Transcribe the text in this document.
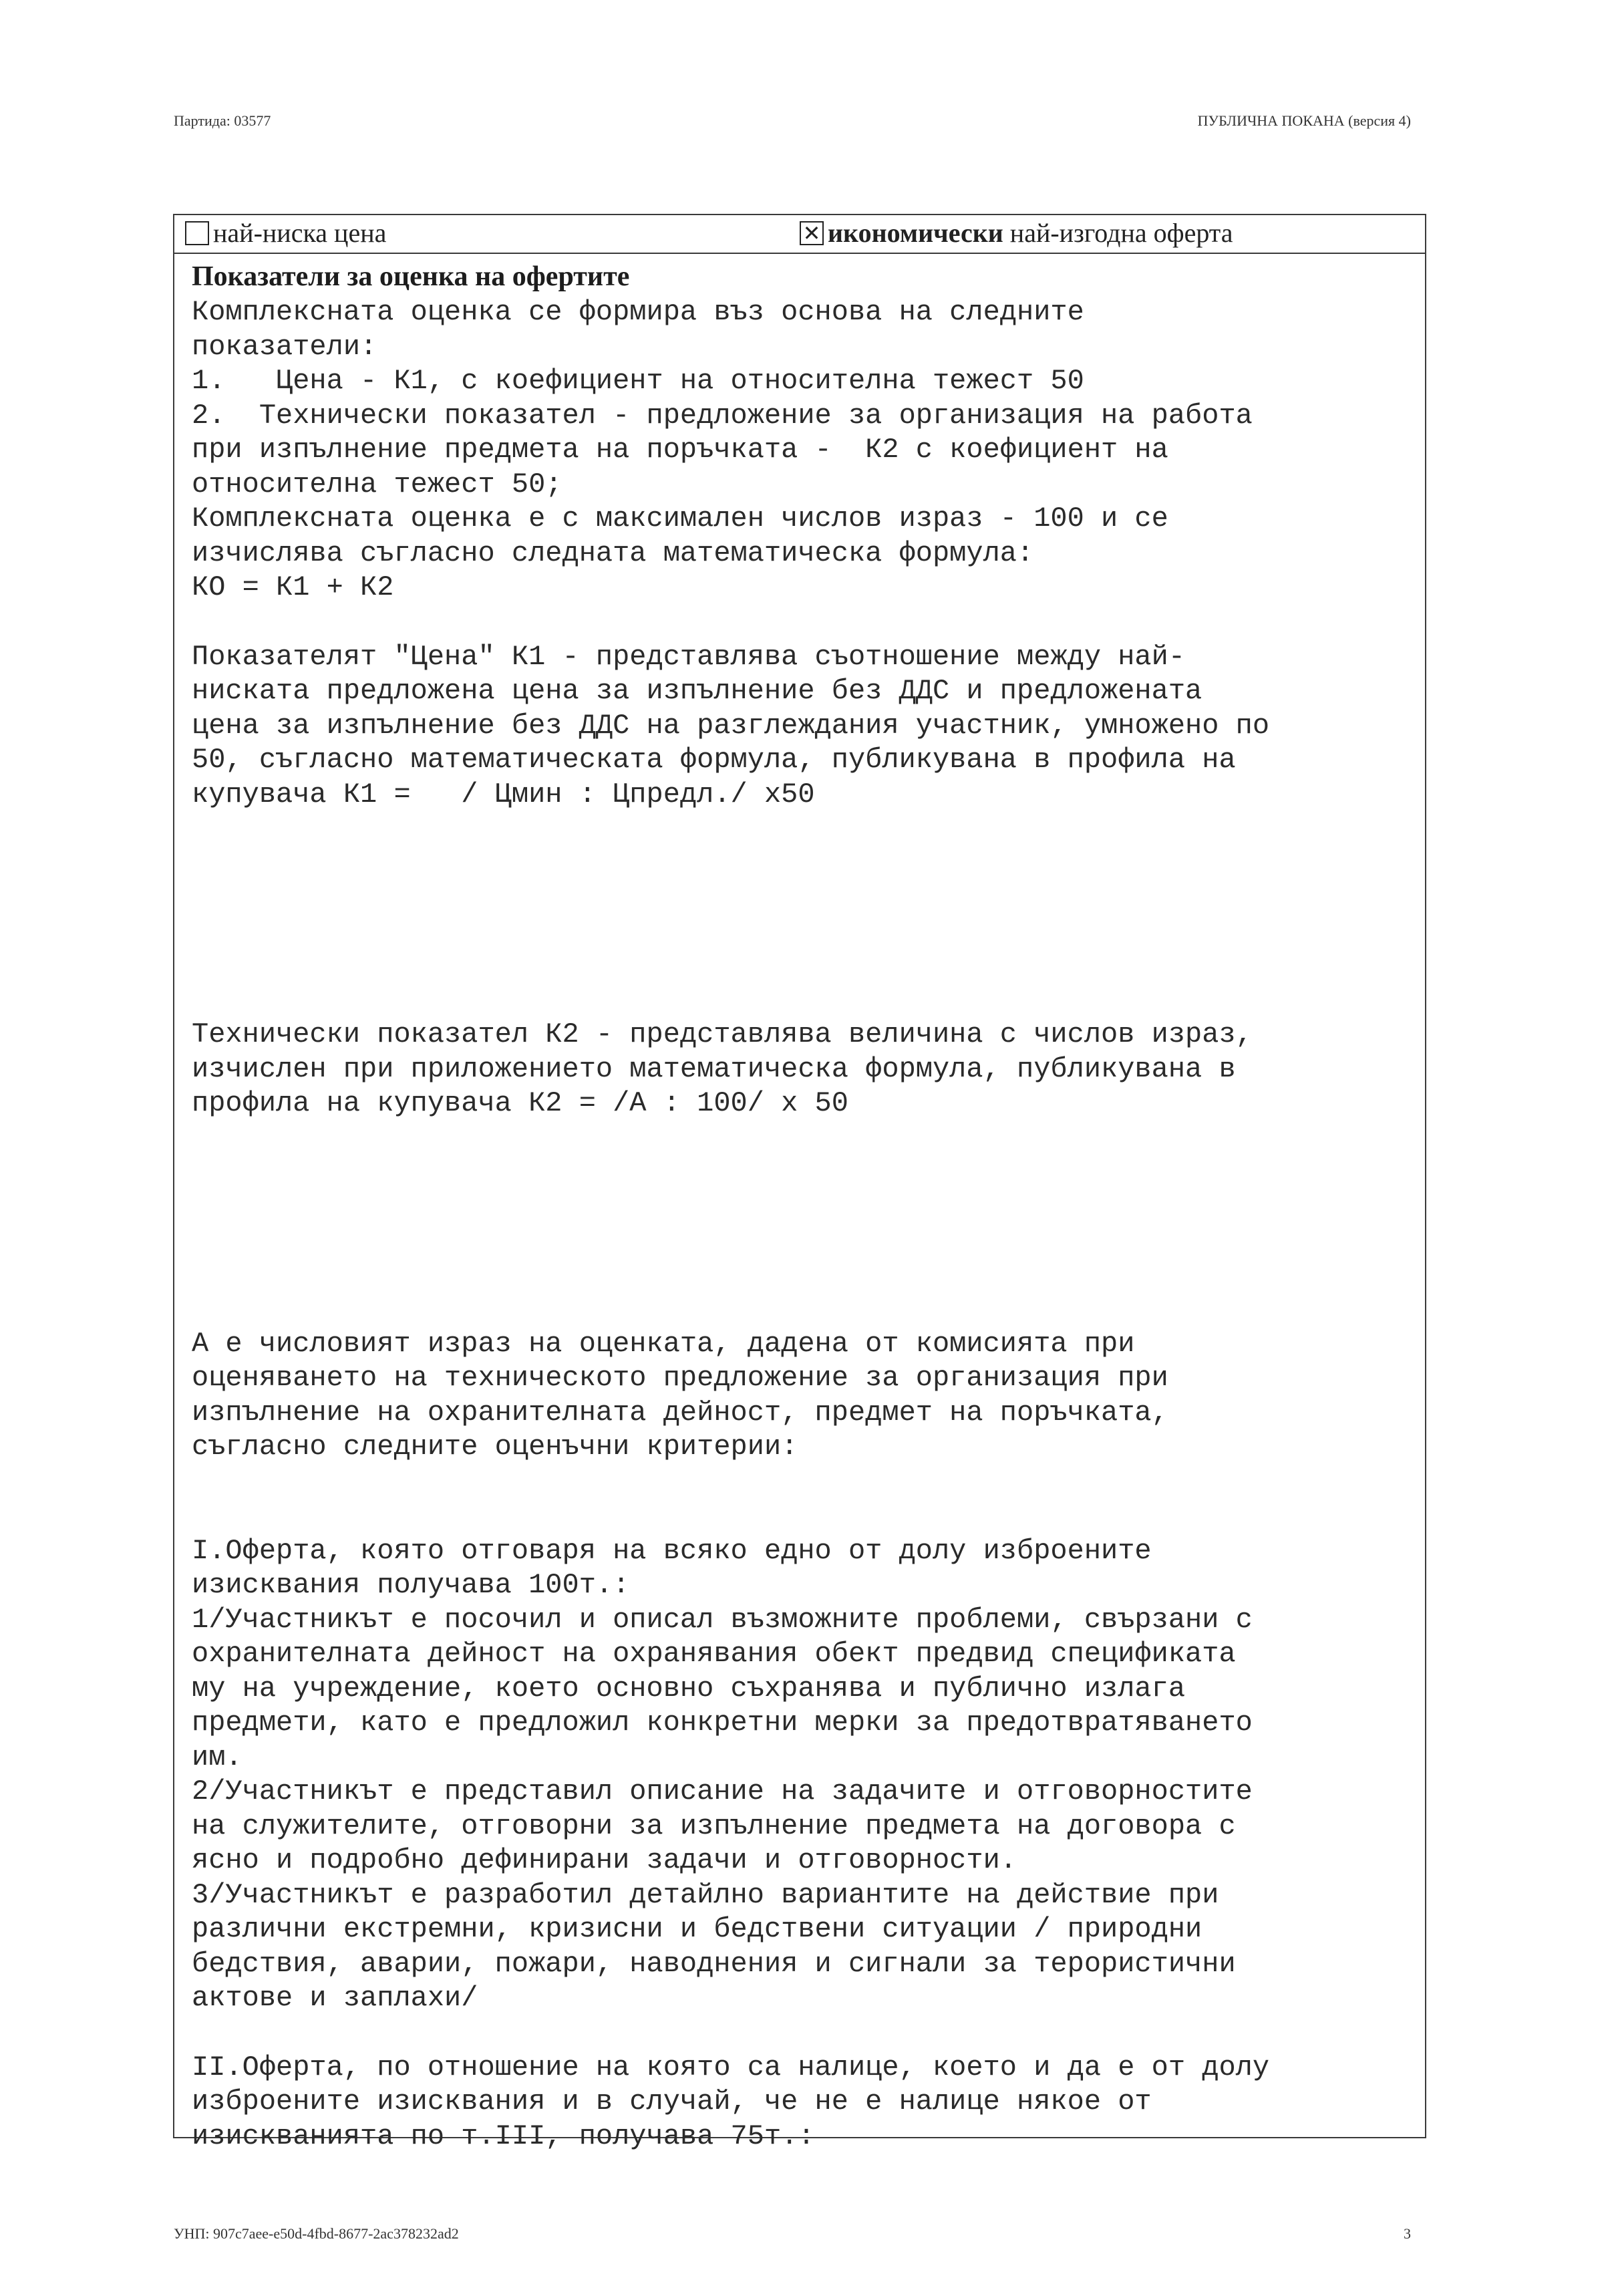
Партида: 03577	ПУБЛИЧНА ПОКАНА (версия 4)
най-ниска цена	✕ икономически най-изгодна оферта
Показатели за оценка на офертите
Комплексната оценка се формира въз основа на следните
показатели:
1.   Цена - К1, с коефициент на относителна тежест 50
2.  Технически показател - предложение за организация на работа
при изпълнение предмета на поръчката -  К2 с коефициент на
относителна тежест 50;
Комплексната оценка е с максимален числов израз - 100 и се
изчислява съгласно следната математическа формула:
КО = К1 + К2
Показателят "Цена" К1 - представлява съотношение между най-
ниската предложена цена за изпълнение без ДДС и предложената
цена за изпълнение без ДДС на разглеждания участник, умножено по
50, съгласно математическата формула, публикувана в профила на
купувача К1 =   / Цмин : Цпредл./ х50
Технически показател К2 - представлява величина с числов израз,
изчислен при приложението математическа формула, публикувана в
профила на купувача К2 = /А : 100/ х 50
А е числовият израз на оценката, дадена от комисията при
оценяването на техническото предложение за организация при
изпълнение на охранителната дейност, предмет на поръчката,
съгласно следните оценъчни критерии:
I.Оферта, която отговаря на всяко едно от долу изброените
изисквания получава 100т.:
1/Участникът е посочил и описал възможните проблеми, свързани с
охранителната дейност на охранявания обект предвид спецификата
му на учреждение, което основно съхранява и публично излага
предмети, като е предложил конкретни мерки за предотвратяването
им.
2/Участникът е представил описание на задачите и отговорностите
на служителите, отговорни за изпълнение предмета на договора с
ясно и подробно дефинирани задачи и отговорности.
3/Участникът е разработил детайлно вариантите на действие при
различни екстремни, кризисни и бедствени ситуации / природни
бедствия, аварии, пожари, наводнения и сигнали за терористични
актове и заплахи/
II.Оферта, по отношение на която са налице, което и да е от долу
изброените изисквания и в случай, че не е налице някое от
изискванията по т.III, получава 75т.:
УНП: 907c7aee-e50d-4fbd-8677-2ac378232ad2	3
